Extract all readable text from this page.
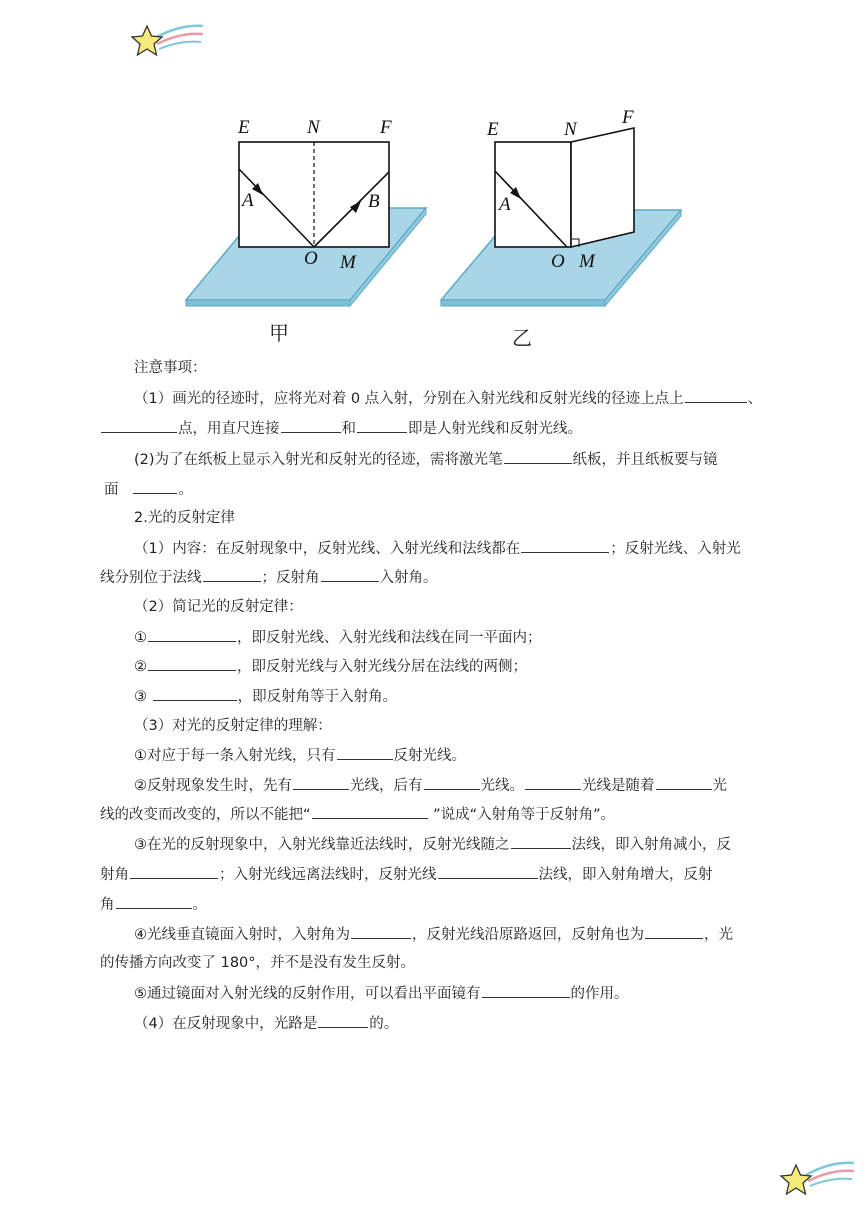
E	N	F
A	B
O M
甲
E	N
F
A
O M
乙
注意事项：
（1）画光的径迹时，应将光对着 0 点入射，分别在入射光线和反射光线的径迹上点上	、
点，用直尺连接	和	即是人射光线和反射光线。
(2)为了在纸板上显示入射光和反射光的径迹，需将激光笔	纸板，并且纸板要与镜
面	。
2.光的反射定律
（1）内容：在反射现象中，反射光线、入射光线和法线都在	；反射光线、入射光
线分别位于法线	；反射角	入射角。
（2）简记光的反射定律：
①	，即反射光线、入射光线和法线在同一平面内；
②	，即反射光线与入射光线分居在法线的两侧；
③	，即反射角等于入射角。
（3）对光的反射定律的理解：
①对应于每一条入射光线，只有	反射光线。
②反射现象发生时，先有	光线，后有	光线。	光线是随着	光
线的改变而改变的，所以不能把“	”说成“入射角等于反射角”。
③在光的反射现象中，入射光线靠近法线时，反射光线随之	法线，即入射角减小，反
射角	；入射光线远离法线时，反射光线	法线，即入射角增大，反射
角	。
④光线垂直镜面入射时，入射角为	，反射光线沿原路返回，反射角也为	，光
的传播方向改变了 180°，并不是没有发生反射。
⑤通过镜面对入射光线的反射作用，可以看出平面镜有	的作用。
（4）在反射现象中，光路是	的。
